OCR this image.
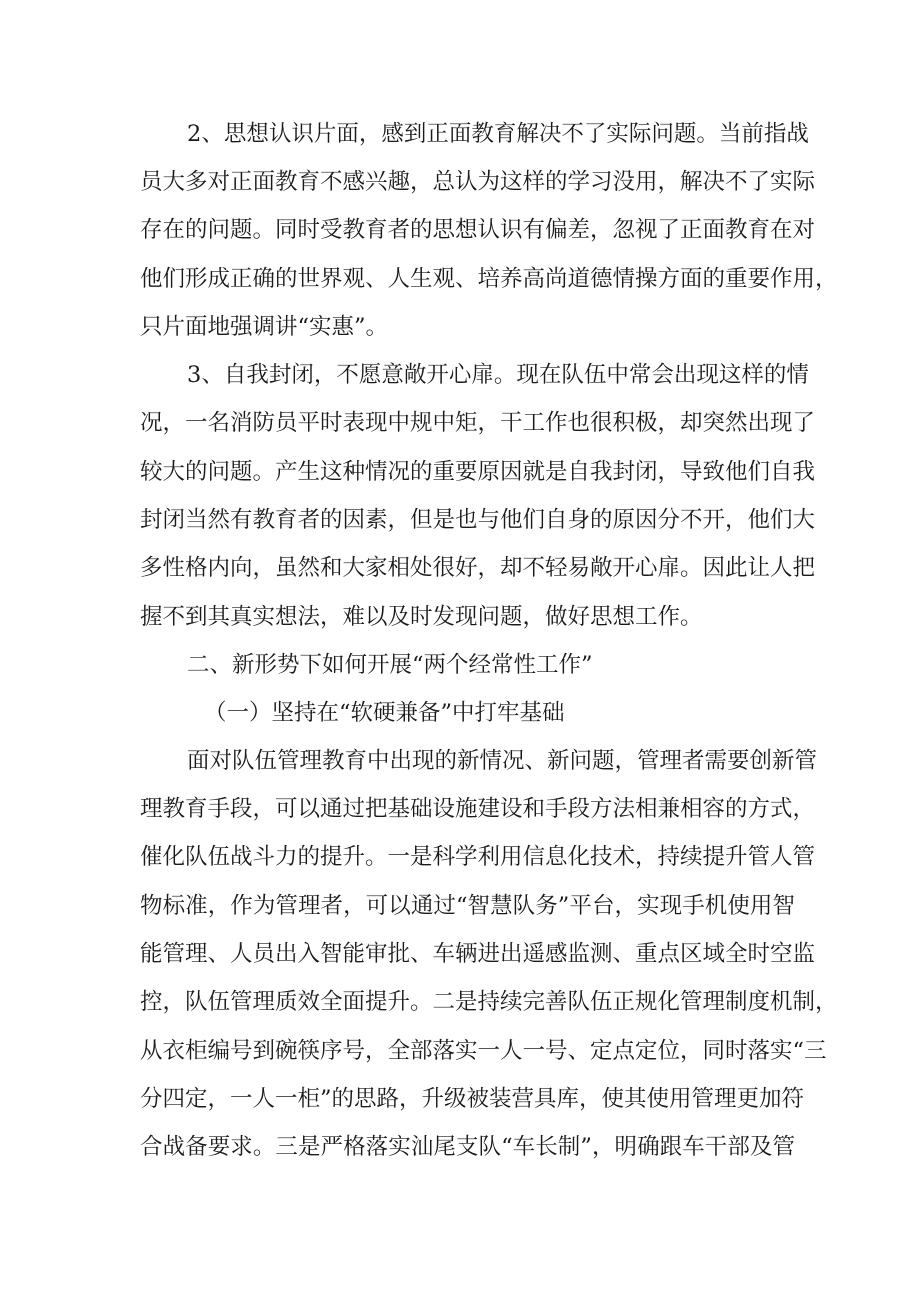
2、思想认识片面，感到正面教育解决不了实际问题。当前指战
员大多对正面教育不感兴趣，总认为这样的学习没用，解决不了实际
存在的问题。同时受教育者的思想认识有偏差，忽视了正面教育在对
他们形成正确的世界观、人生观、培养高尚道德情操方面的重要作用，
只片面地强调讲“实惠”。
3、自我封闭，不愿意敞开心扉。现在队伍中常会出现这样的情
况，一名消防员平时表现中规中矩，干工作也很积极，却突然出现了
较大的问题。产生这种情况的重要原因就是自我封闭，导致他们自我
封闭当然有教育者的因素，但是也与他们自身的原因分不开，他们大
多性格内向，虽然和大家相处很好，却不轻易敞开心扉。因此让人把
握不到其真实想法，难以及时发现问题，做好思想工作。
二、新形势下如何开展“两个经常性工作”
（一）坚持在“软硬兼备”中打牢基础
面对队伍管理教育中出现的新情况、新问题，管理者需要创新管
理教育手段，可以通过把基础设施建设和手段方法相兼相容的方式，
催化队伍战斗力的提升。一是科学利用信息化技术，持续提升管人管
物标准，作为管理者，可以通过“智慧队务”平台，实现手机使用智
能管理、人员出入智能审批、车辆进出遥感监测、重点区域全时空监
控，队伍管理质效全面提升。二是持续完善队伍正规化管理制度机制，
从衣柜编号到碗筷序号，全部落实一人一号、定点定位，同时落实“三
分四定，一人一柜”的思路，升级被装营具库，使其使用管理更加符
合战备要求。三是严格落实汕尾支队“车长制”，明确跟车干部及管
